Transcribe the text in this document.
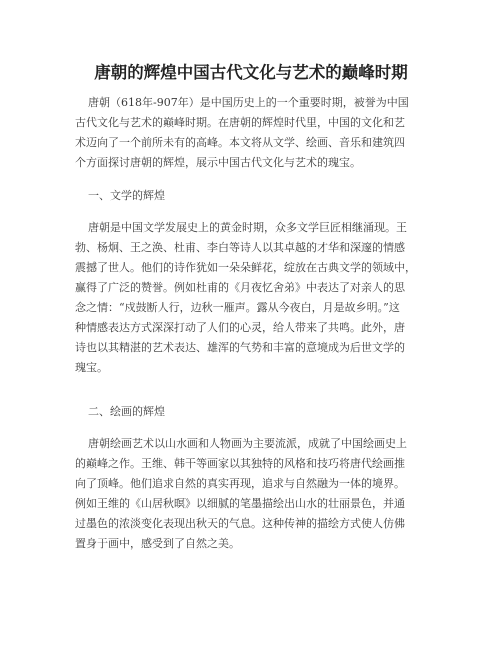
唐朝的辉煌中国古代文化与艺术的巅峰时期
唐朝（618年-907年）是中国历史上的一个重要时期，被誉为中国
古代文化与艺术的巅峰时期。在唐朝的辉煌时代里，中国的文化和艺
术迈向了一个前所未有的高峰。本文将从文学、绘画、音乐和建筑四
个方面探讨唐朝的辉煌，展示中国古代文化与艺术的瑰宝。
一、文学的辉煌
唐朝是中国文学发展史上的黄金时期，众多文学巨匠相继涌现。王
勃、杨炯、王之涣、杜甫、李白等诗人以其卓越的才华和深邃的情感
震撼了世人。他们的诗作犹如一朵朵鲜花，绽放在古典文学的领域中，
赢得了广泛的赞誉。例如杜甫的《月夜忆舍弟》中表达了对亲人的思
念之情：“戍鼓断人行，边秋一雁声。露从今夜白，月是故乡明。”这
种情感表达方式深深打动了人们的心灵，给人带来了共鸣。此外，唐
诗也以其精湛的艺术表达、雄浑的气势和丰富的意境成为后世文学的
瑰宝。
二、绘画的辉煌
唐朝绘画艺术以山水画和人物画为主要流派，成就了中国绘画史上
的巅峰之作。王维、韩干等画家以其独特的风格和技巧将唐代绘画推
向了顶峰。他们追求自然的真实再现，追求与自然融为一体的境界。
例如王维的《山居秋暝》以细腻的笔墨描绘出山水的壮丽景色，并通
过墨色的浓淡变化表现出秋天的气息。这种传神的描绘方式使人仿佛
置身于画中，感受到了自然之美。
